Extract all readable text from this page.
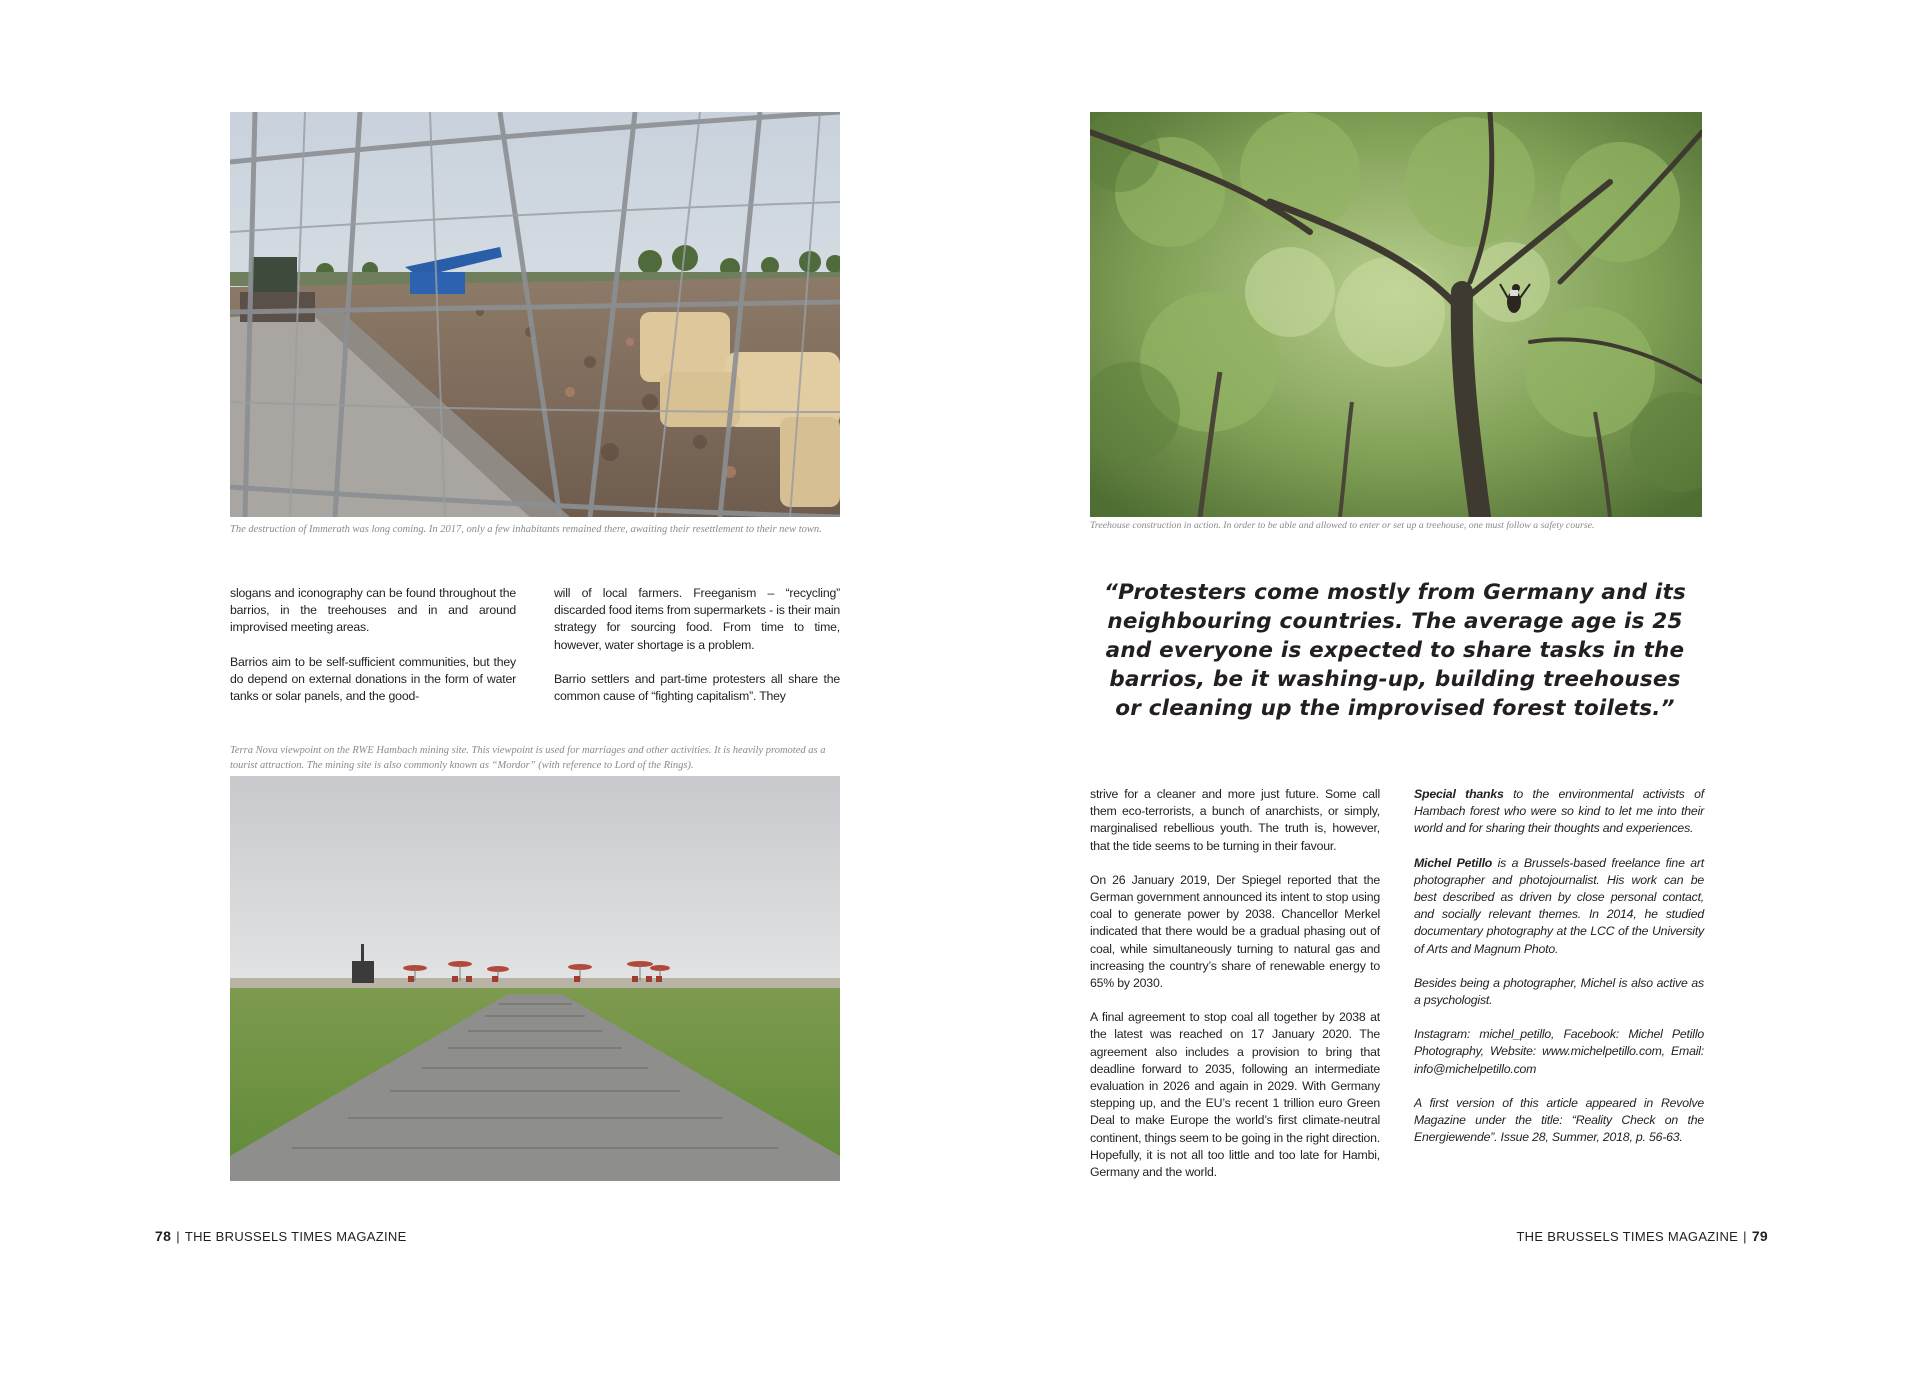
The destruction of Immerath was long coming. In 2017, only a few inhabitants remained there, awaiting their resettlement to their new town.

slogans and iconography can be found throughout the barrios, in the treehouses and in and around improvised meeting areas.

Barrios aim to be self-sufficient communities, but they do depend on external donations in the form of water tanks or solar panels, and the good-

will of local farmers. Freeganism – “recycling” discarded food items from supermarkets - is their main strategy for sourcing food. From time to time, however, water shortage is a problem.

Barrio settlers and part-time protesters all share the common cause of “fighting capitalism”. They

Terra Nova viewpoint on the RWE Hambach mining site. This viewpoint is used for marriages and other activities. It is heavily promoted as a tourist attraction. The mining site is also commonly known as “Mordor” (with reference to Lord of the Rings).

78 | THE BRUSSELS TIMES MAGAZINE

Treehouse construction in action. In order to be able and allowed to enter or set up a treehouse, one must follow a safety course.

“Protesters come mostly from Germany and its neighbouring countries. The average age is 25 and everyone is expected to share tasks in the barrios, be it washing-up, building treehouses or cleaning up the improvised forest toilets.”

strive for a cleaner and more just future. Some call them eco-terrorists, a bunch of anarchists, or simply, marginalised rebellious youth. The truth is, however, that the tide seems to be turning in their favour.

On 26 January 2019, Der Spiegel reported that the German government announced its intent to stop using coal to generate power by 2038. Chancellor Merkel indicated that there would be a gradual phasing out of coal, while simultaneously turning to natural gas and increasing the country’s share of renewable energy to 65% by 2030.

A final agreement to stop coal all together by 2038 at the latest was reached on 17 January 2020. The agreement also includes a provision to bring that deadline forward to 2035, following an intermediate evaluation in 2026 and again in 2029. With Germany stepping up, and the EU’s recent 1 trillion euro Green Deal to make Europe the world’s first climate-neutral continent, things seem to be going in the right direction. Hopefully, it is not all too little and too late for Hambi, Germany and the world.

Special thanks to the environmental activists of Hambach forest who were so kind to let me into their world and for sharing their thoughts and experiences.

Michel Petillo is a Brussels-based freelance fine art photographer and photojournalist. His work can be best described as driven by close personal contact, and socially relevant themes. In 2014, he studied documentary photography at the LCC of the University of Arts and Magnum Photo.

Besides being a photographer, Michel is also active as a psychologist.

Instagram: michel_petillo, Facebook: Michel Petillo Photography, Website: www.michelpetillo.com, Email: info@michelpetillo.com

A first version of this article appeared in Revolve Magazine under the title: “Reality Check on the Energiewende”. Issue 28, Summer, 2018, p. 56-63.

THE BRUSSELS TIMES MAGAZINE | 79
